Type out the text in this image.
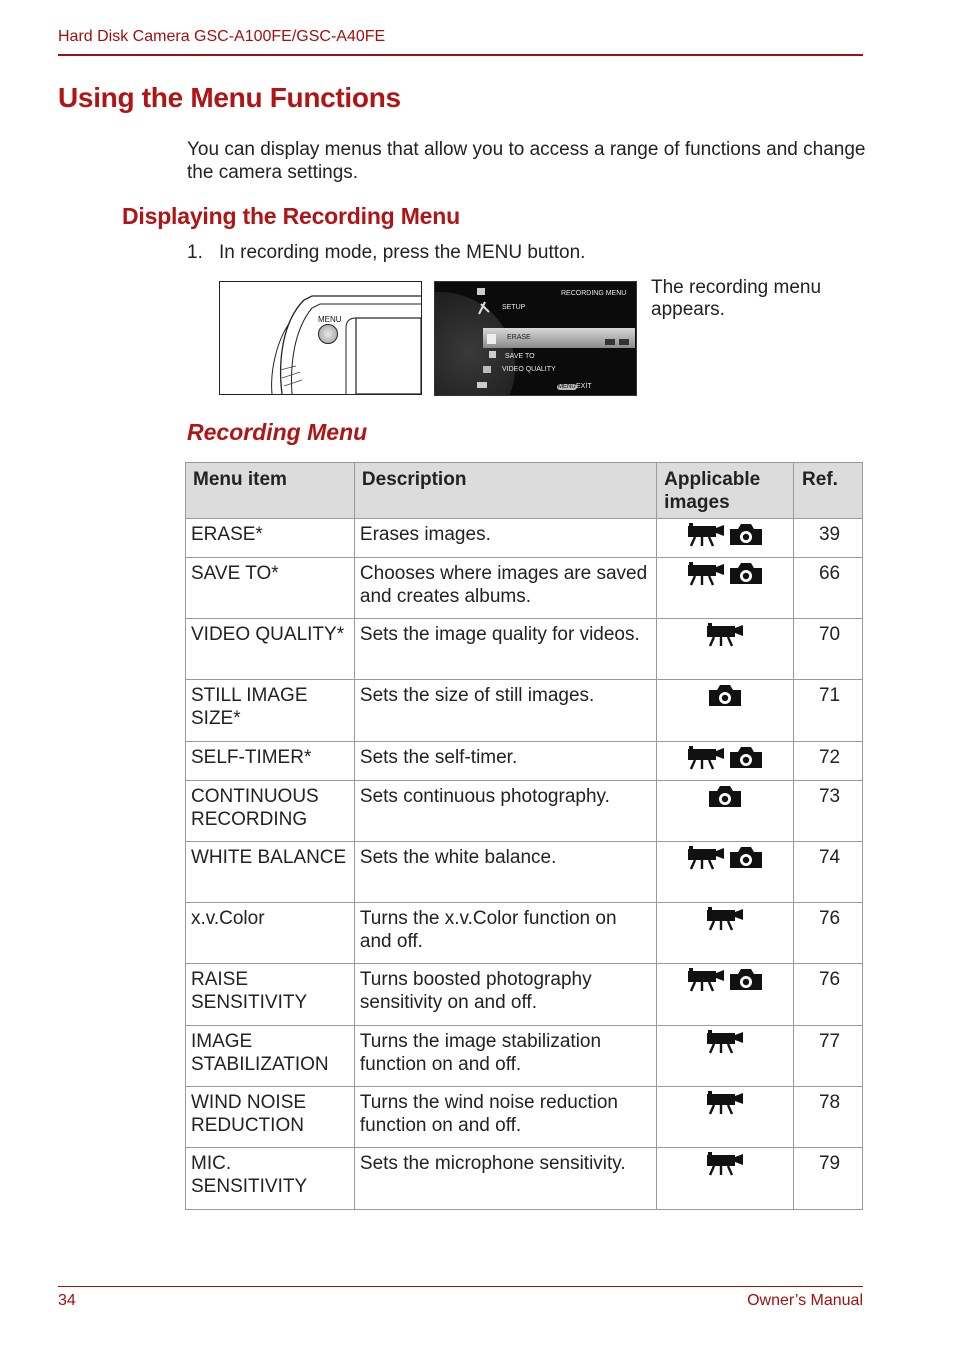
Hard Disk Camera GSC-A100FE/GSC-A40FE
Using the Menu Functions

You can display menus that allow you to access a range of functions and change the camera settings.

Displaying the Recording Menu
1. In recording mode, press the MENU button.
MENU
RECORDING MENU
SETUP
ERASE
SAVE TO
VIDEO QUALITY
MENU EXIT
The recording menu appears.
Recording Menu
Menu item	Description	Applicable images	Ref.
ERASE*	Erases images.		39
SAVE TO*	Chooses where images are saved and creates albums.		66
VIDEO QUALITY*	Sets the image quality for videos.		70
STILL IMAGE SIZE*	Sets the size of still images.		71
SELF-TIMER*	Sets the self-timer.		72
CONTINUOUS RECORDING	Sets continuous photography.		73
WHITE BALANCE	Sets the white balance.		74
x.v.Color	Turns the x.v.Color function on and off.		76
RAISE SENSITIVITY	Turns boosted photography sensitivity on and off.		76
IMAGE STABILIZATION	Turns the image stabilization function on and off.		77
WIND NOISE REDUCTION	Turns the wind noise reduction function on and off.		78
MIC. SENSITIVITY	Sets the microphone sensitivity.		79
34	Owner’s Manual
